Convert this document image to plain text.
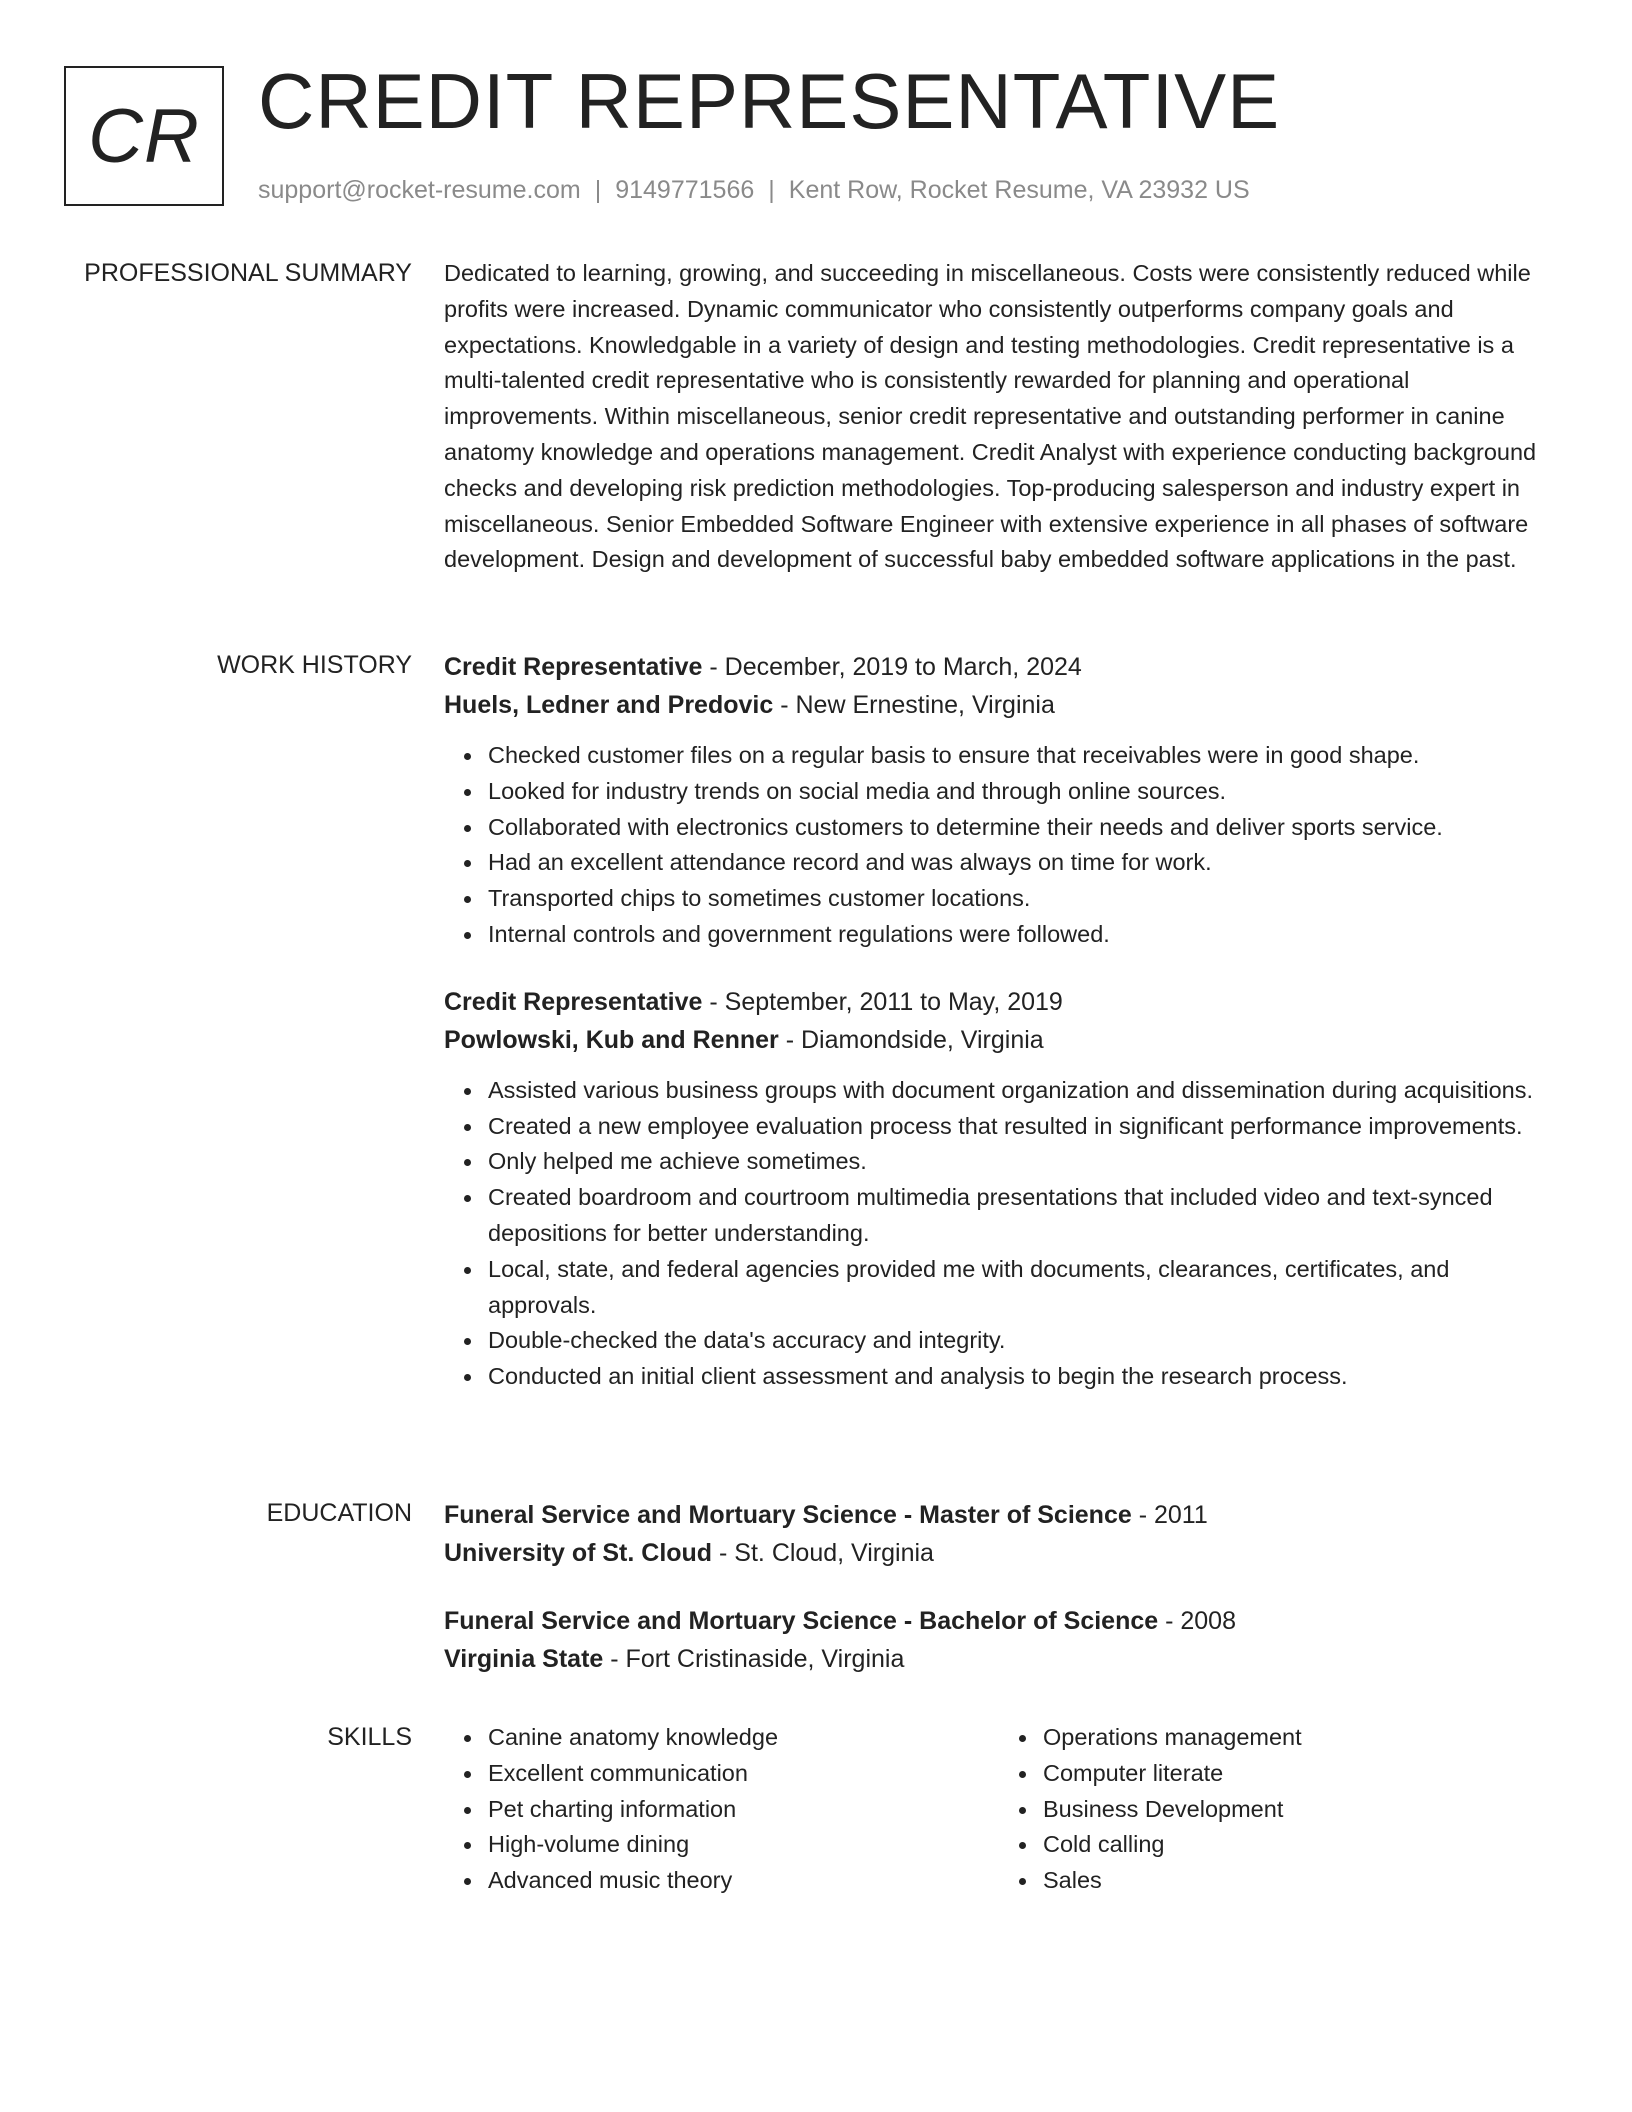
CR CREDIT REPRESENTATIVE
support@rocket-resume.com | 9149771566 | Kent Row, Rocket Resume, VA 23932 US
PROFESSIONAL SUMMARY Dedicated to learning, growing, and succeeding in miscellaneous. Costs were consistently reduced while profits were increased. Dynamic communicator who consistently outperforms company goals and expectations. Knowledgable in a variety of design and testing methodologies. Credit representative is a multi-talented credit representative who is consistently rewarded for planning and operational improvements. Within miscellaneous, senior credit representative and outstanding performer in canine anatomy knowledge and operations management. Credit Analyst with experience conducting background checks and developing risk prediction methodologies. Top-producing salesperson and industry expert in miscellaneous. Senior Embedded Software Engineer with extensive experience in all phases of software development. Design and development of successful baby embedded software applications in the past.

WORK HISTORY Credit Representative - December, 2019 to March, 2024
Huels, Ledner and Predovic - New Ernestine, Virginia
Checked customer files on a regular basis to ensure that receivables were in good shape.
Looked for industry trends on social media and through online sources.
Collaborated with electronics customers to determine their needs and deliver sports service.
Had an excellent attendance record and was always on time for work.
Transported chips to sometimes customer locations.
Internal controls and government regulations were followed.
Credit Representative - September, 2011 to May, 2019
Powlowski, Kub and Renner - Diamondside, Virginia
Assisted various business groups with document organization and dissemination during acquisitions.
Created a new employee evaluation process that resulted in significant performance improvements.
Only helped me achieve sometimes.
Created boardroom and courtroom multimedia presentations that included video and text-synced depositions for better understanding.
Local, state, and federal agencies provided me with documents, clearances, certificates, and approvals.
Double-checked the data's accuracy and integrity.
Conducted an initial client assessment and analysis to begin the research process.
EDUCATION Funeral Service and Mortuary Science - Master of Science - 2011
University of St. Cloud - St. Cloud, Virginia
Funeral Service and Mortuary Science - Bachelor of Science - 2008
Virginia State - Fort Cristinaside, Virginia
SKILLS	Canine anatomy knowledge
Excellent communication
Pet charting information
High-volume dining
Advanced music theory
Operations management
Computer literate
Business Development
Cold calling
Sales
